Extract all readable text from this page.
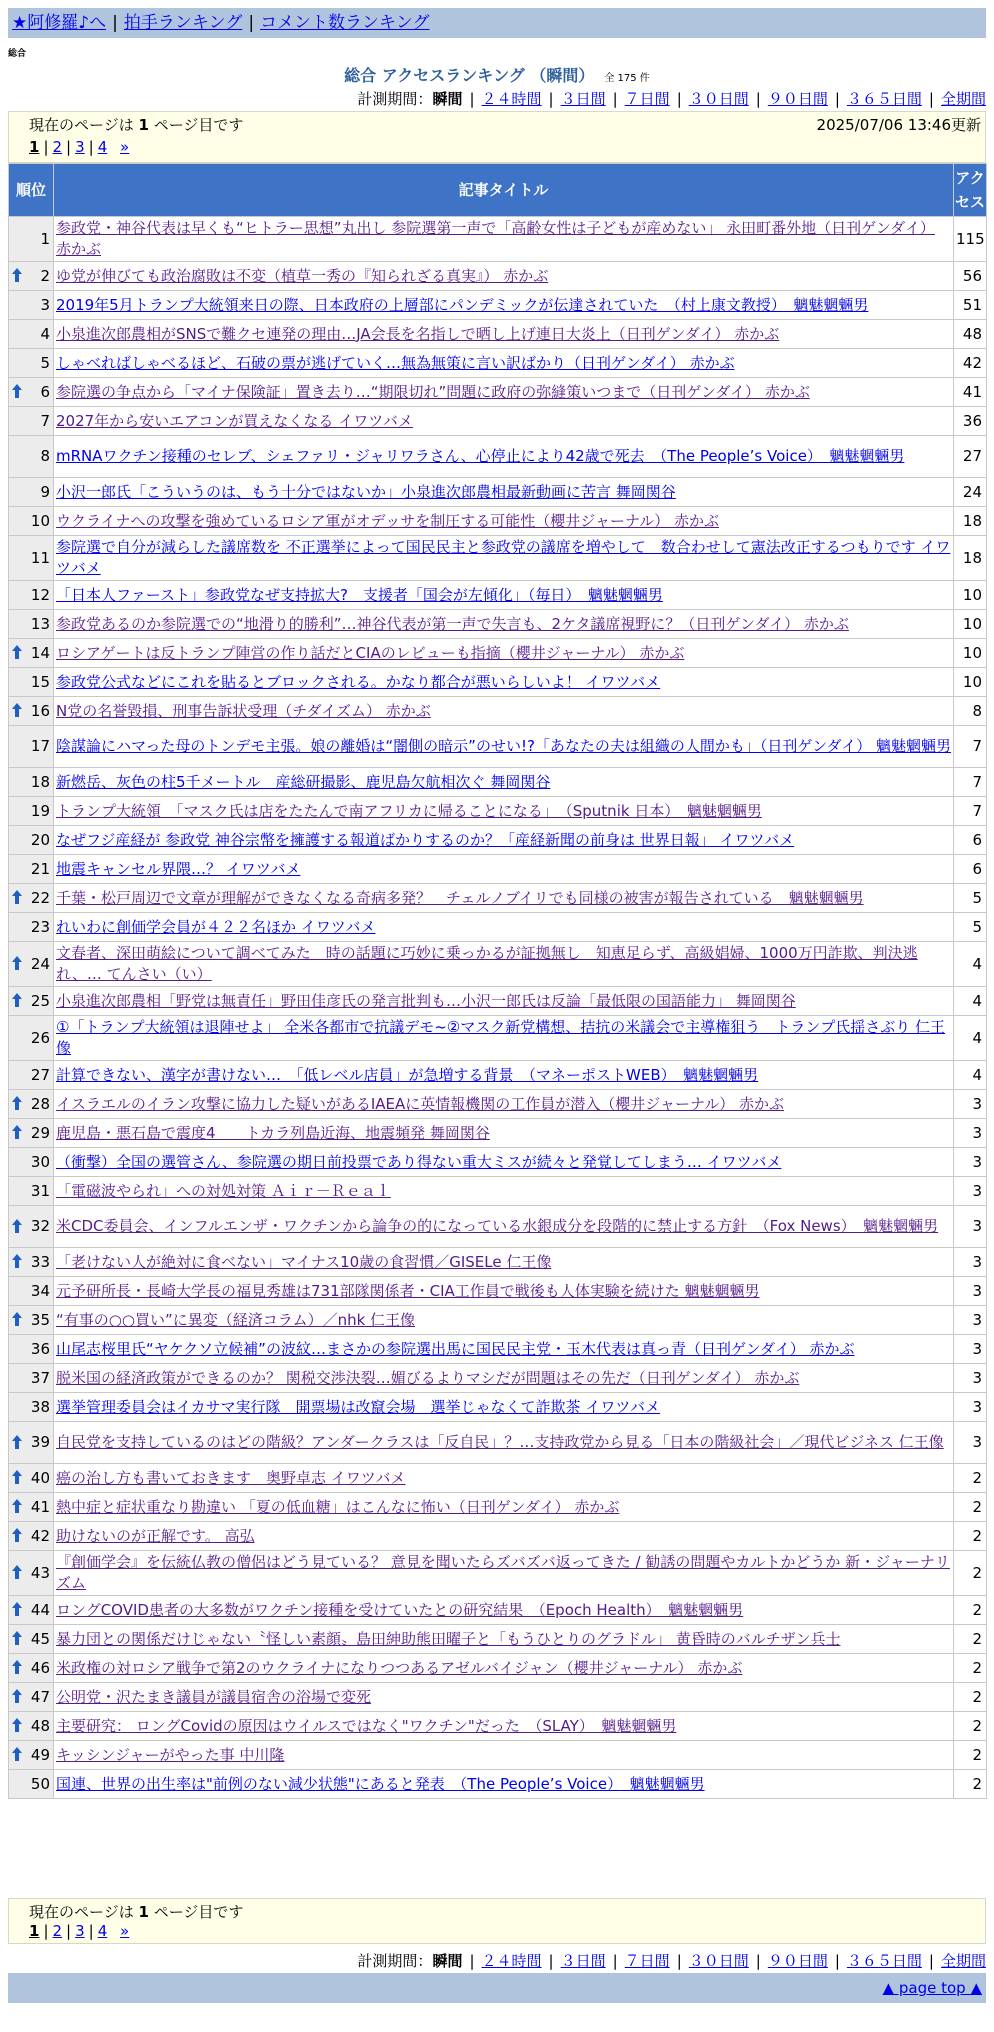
★阿修羅♪へ | 拍手ランキング | コメント数ランキング
総合
総合 アクセスランキング （瞬間） 全 175 件
計測期間：瞬間 | ２４時間 | ３日間 | ７日間 | ３０日間 | ９０日間 | ３６５日間 | 全期間
現在のページは 1 ページ目です	2025/07/06 13:46更新
1 | 2 | 3 | 4 »
順位	記事タイトル	アクセス
1	参政党・神谷代表は早くも“ヒトラー思想”丸出し 参院選第一声で「高齢女性は子どもが産めない」 永田町番外地（日刊ゲンダイ） 赤かぶ	115

2	ゆ党が伸びても政治腐敗は不変（植草一秀の『知られざる真実』） 赤かぶ	56
3	2019年5月トランプ大統領来日の際、日本政府の上層部にパンデミックが伝達されていた　（村上康文教授）　魑魅魍魎男	51
4	小泉進次郎農相がSNSで難クセ連発の理由…JA会長を名指しで晒し上げ連日大炎上（日刊ゲンダイ） 赤かぶ	48
5	しゃべればしゃべるほど、石破の票が逃げていく…無為無策に言い訳ばかり（日刊ゲンダイ） 赤かぶ	42

6	参院選の争点から「マイナ保険証」置き去り…“期限切れ”問題に政府の弥縫策いつまで（日刊ゲンダイ） 赤かぶ	41
7	2027年から安いエアコンが買えなくなる イワツバメ	36
8	mRNAワクチン接種のセレブ、シェファリ・ジャリワラさん、心停止により42歳で死去　（The People’s Voice）　魑魅魍魎男	27
9	小沢一郎氏「こういうのは、もう十分ではないか」小泉進次郎農相最新動画に苦言 舞岡関谷	24
10	ウクライナへの攻撃を強めているロシア軍がオデッサを制圧する可能性（櫻井ジャーナル） 赤かぶ	18
11	参院選で自分が減らした議席数を 不正選挙によって国民民主と参政党の議席を増やして　数合わせして憲法改正するつもりです イワツバメ	18
12	「日本人ファースト」参政党なぜ支持拡大?　支援者「国会が左傾化」（毎日）　魑魅魍魎男	10
13	参政党あるのか参院選での“地滑り的勝利”…神谷代表が第一声で失言も、2ケタ議席視野に？（日刊ゲンダイ） 赤かぶ	10

14	ロシアゲートは反トランプ陣営の作り話だとCIAのレビューも指摘（櫻井ジャーナル） 赤かぶ	10
15	参政党公式などにこれを貼るとブロックされる。かなり都合が悪いらしいよ！ イワツバメ	10

16	N党の名誉毀損、刑事告訴状受理（チダイズム） 赤かぶ	8
17	陰謀論にハマった母のトンデモ主張。娘の離婚は“闇側の暗示”のせい!?「あなたの夫は組織の人間かも」（日刊ゲンダイ） 魑魅魍魎男	7
18	新燃岳、灰色の柱5千メートル　産総研撮影、鹿児島欠航相次ぐ 舞岡関谷	7
19	トランプ大統領　「マスク氏は店をたたんで南アフリカに帰ることになる」　（Sputnik 日本）　魑魅魍魎男	7
20	なぜフジ産経が 参政党 神谷宗幣を擁護する報道ばかりするのか？「産経新聞の前身は 世界日報」 イワツバメ	6
21	地震キャンセル界隈…？ イワツバメ	6

22	千葉・松戸周辺で文章が理解ができなくなる奇病多発？　チェルノブイリでも同様の被害が報告されている　魑魅魍魎男	5
23	れいわに創価学会員が４２２名ほか イワツバメ	5

24	文春者、深田萌絵について調べてみた　時の話題に巧妙に乗っかるが証拠無し　知恵足らず、高級娼婦、1000万円詐欺、判決逃れ、… てんさい（い）	4

25	小泉進次郎農相「野党は無責任」野田佳彦氏の発言批判も…小沢一郎氏は反論「最低限の国語能力」 舞岡関谷	4
26	①「トランプ大統領は退陣せよ」 全米各都市で抗議デモ~②マスク新党構想、拮抗の米議会で主導権狙う　トランプ氏揺さぶり 仁王像	4
27	計算できない、漢字が書けない…　「低レベル店員」が急増する背景　（マネーポストWEB）　魑魅魍魎男	4

28	イスラエルのイラン攻撃に協力した疑いがあるIAEAに英情報機関の工作員が潜入（櫻井ジャーナル） 赤かぶ	3

29	鹿児島・悪石島で震度4　　トカラ列島近海、地震頻発 舞岡関谷	3
30	（衝撃）全国の選管さん、参院選の期日前投票であり得ない重大ミスが続々と発覚してしまう… イワツバメ	3
31	「電磁波やられ」への対処対策 Ａｉｒ－Ｒｅａｌ	3

32	米CDC委員会、インフルエンザ・ワクチンから論争の的になっている水銀成分を段階的に禁止する方針　（Fox News）　魑魅魍魎男	3

33	「老けない人が絶対に食べない」マイナス10歳の食習慣／GISELe 仁王像	3
34	元予研所長・長崎大学長の福見秀雄は731部隊関係者・CIA工作員で戦後も人体実験を続けた 魑魅魍魎男	3

35	“有事の○○買い”に異変（経済コラム）／nhk 仁王像	3
36	山尾志桜里氏“ヤケクソ立候補”の波紋…まさかの参院選出馬に国民民主党・玉木代表は真っ青（日刊ゲンダイ） 赤かぶ	3
37	脱米国の経済政策ができるのか？ 関税交渉決裂…媚びるよりマシだが問題はその先だ（日刊ゲンダイ） 赤かぶ	3
38	選挙管理委員会はイカサマ実行隊　開票場は改竄会場　選挙じゃなくて詐欺茶 イワツバメ	3

39	自民党を支持しているのはどの階級？アンダークラスは「反自民」？…支持政党から見る「日本の階級社会」／現代ビジネス 仁王像	3

40	癌の治し方も書いておきます　奥野卓志 イワツバメ	2

41	熱中症と症状重なり勘違い 「夏の低血糖」はこんなに怖い（日刊ゲンダイ） 赤かぶ	2

42	助けないのが正解です。 高弘	2

43	『創価学会』を伝統仏教の僧侶はどう見ている？ 意見を聞いたらズバズバ返ってきた / 勧誘の問題やカルトかどうか 新・ジャーナリズム	2

44	ロングCOVID患者の大多数がワクチン接種を受けていたとの研究結果　（Epoch Health）　魑魅魍魎男	2

45	暴力団との関係だけじゃない〝怪しい素顔〟島田紳助熊田曜子と「もうひとりのグラドル」 黄昏時のバルチザン兵士	2

46	米政権の対ロシア戦争で第2のウクライナになりつつあるアゼルバイジャン（櫻井ジャーナル） 赤かぶ	2

47	公明党・沢たまき議員が議員宿舎の浴場で変死	2

48	主要研究： ロングCovidの原因はウイルスではなく"ワクチン"だった　（SLAY）　魑魅魍魎男	2

49	キッシンジャーがやった事 中川隆	2
50	国連、世界の出生率は"前例のない減少状態"にあると発表　（The People’s Voice）　魑魅魍魎男	2
現在のページは 1 ページ目です
1 | 2 | 3 | 4 »
計測期間：瞬間 | ２４時間 | ３日間 | ７日間 | ３０日間 | ９０日間 | ３６５日間 | 全期間
▲ page top ▲
